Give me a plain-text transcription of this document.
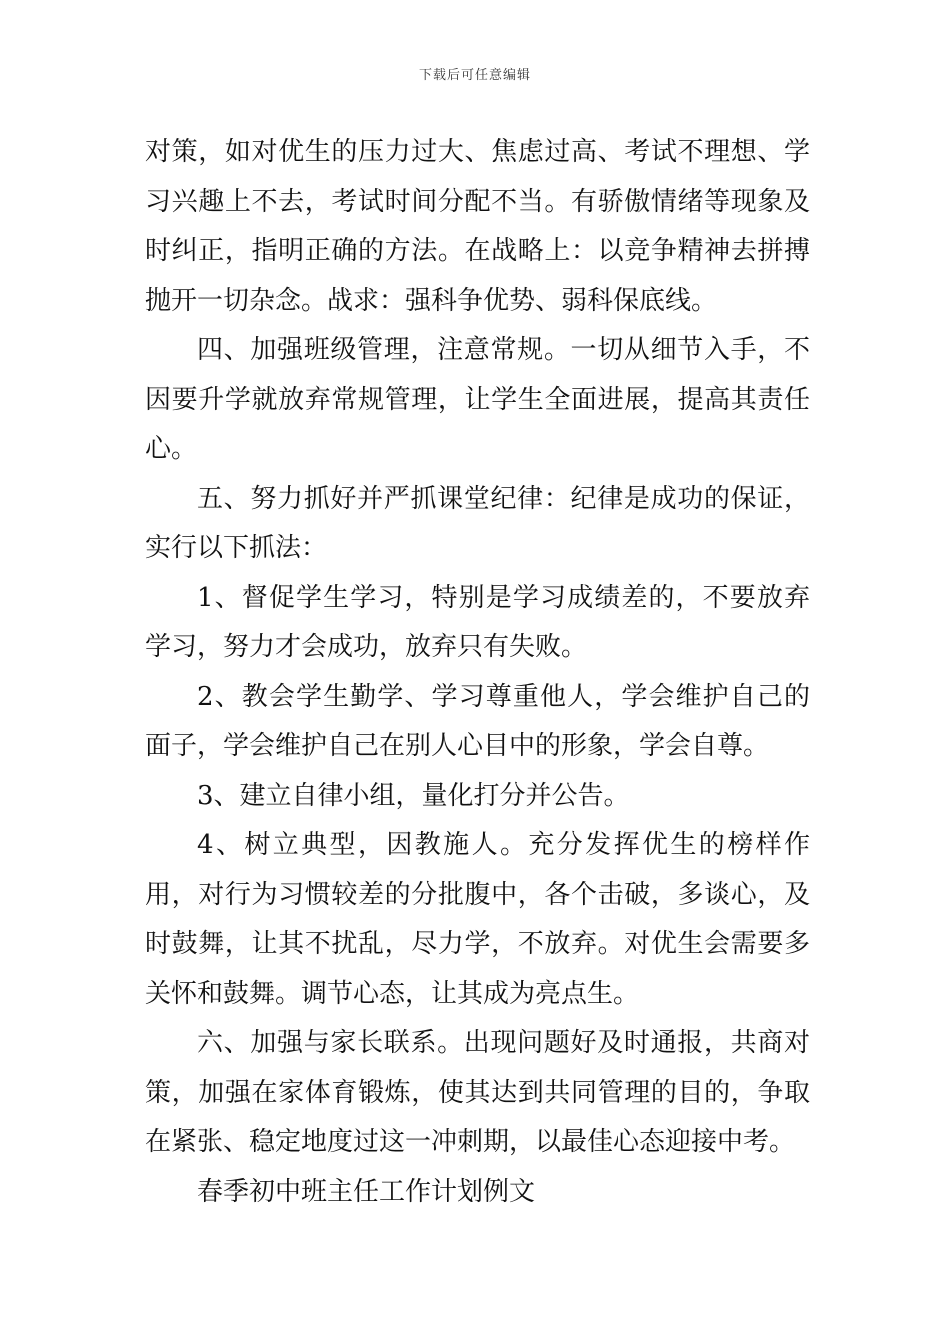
下载后可任意编辑

对策，如对优生的压力过大、焦虑过高、考试不理想、学习兴趣上不去，考试时间分配不当。有骄傲情绪等现象及时纠正，指明正确的方法。在战略上：以竞争精神去拼搏抛开一切杂念。战求：强科争优势、弱科保底线。

四、加强班级管理，注意常规。一切从细节入手，不因要升学就放弃常规管理，让学生全面进展，提高其责任心。

五、努力抓好并严抓课堂纪律：纪律是成功的保证，实行以下抓法：

1、督促学生学习，特别是学习成绩差的，不要放弃学习，努力才会成功，放弃只有失败。

2、教会学生勤学、学习尊重他人，学会维护自己的面子，学会维护自己在别人心目中的形象，学会自尊。

3、建立自律小组，量化打分并公告。

4、树立典型，因教施人。充分发挥优生的榜样作用，对行为习惯较差的分批腹中，各个击破，多谈心，及时鼓舞，让其不扰乱，尽力学，不放弃。对优生会需要多关怀和鼓舞。调节心态，让其成为亮点生。

六、加强与家长联系。出现问题好及时通报，共商对策，加强在家体育锻炼，使其达到共同管理的目的，争取在紧张、稳定地度过这一冲刺期，以最佳心态迎接中考。

春季初中班主任工作计划例文
